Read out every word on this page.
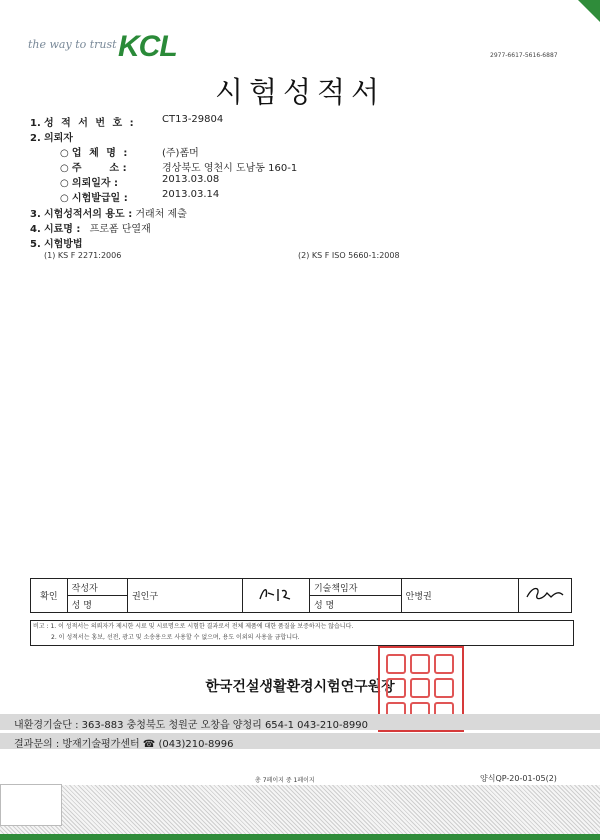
the way to trust KCL	2977-6617-5616-6887
시험성적서
1. 성 적 서 번 호 :	CT13-29804
2. 의뢰자
○ 업 체 명 :	(주)폼머
○ 주        소 :	경상북도 영천시 도남동 160-1
○ 의뢰일자 :	2013.03.08
○ 시험발급일 :	2013.03.14
3. 시험성적서의 용도 : 거래처 제출
4. 시료명 : 프로폼 단열재
5. 시험방법
(1) KS F 2271:2006	(2) KS F ISO 5660-1:2008
확인	작성자	권인구		기술책임자	안병권	
	성 명			성 명		
비고 : 1. 이 성적서는 의뢰자가 제시한 시료 및 시료명으로 시험한 결과로서 전체 제품에 대한 품질을 보증하지는 않습니다.
2. 이 성적서는 홍보, 선전, 광고 및 소송용으로 사용할 수 없으며, 용도 이외의 사용을 금합니다.
한국건설생활환경시험연구원장
내환경기술단 : 363-883 충청북도 청원군 오창읍 양청리 654-1 043-210-8990
결과문의 : 방재기술평가센터 ☎ (043)210-8996
총 7페이지 중 1페이지	양식QP-20-01-05(2)
